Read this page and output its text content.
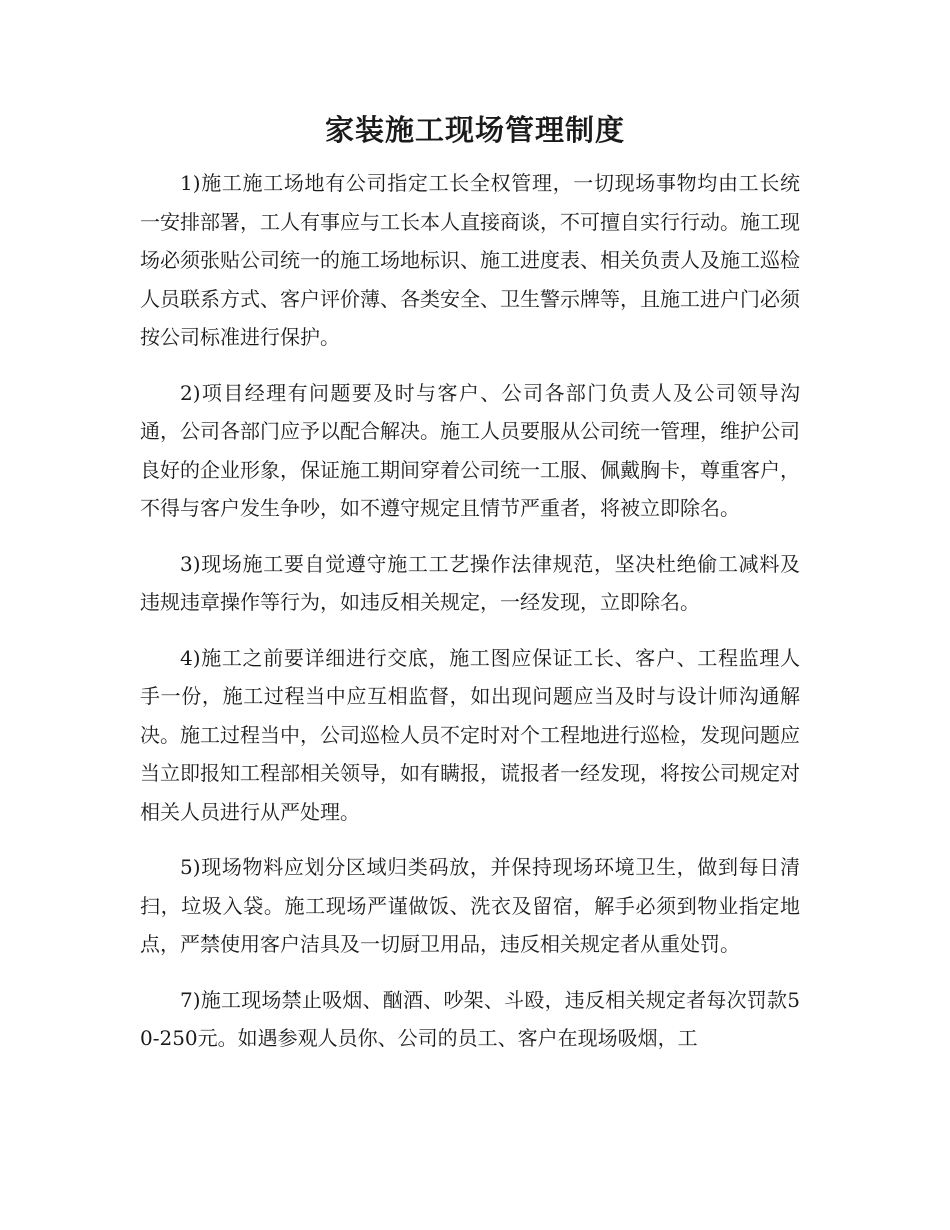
家装施工现场管理制度

1)施工施工场地有公司指定工长全权管理，一切现场事物均由工长统一安排部署，工人有事应与工长本人直接商谈，不可擅自实行行动。施工现场必须张贴公司统一的施工场地标识、施工进度表、相关负责人及施工巡检人员联系方式、客户评价薄、各类安全、卫生警示牌等，且施工进户门必须按公司标准进行保护。

2)项目经理有问题要及时与客户、公司各部门负责人及公司领导沟通，公司各部门应予以配合解决。施工人员要服从公司统一管理，维护公司良好的企业形象，保证施工期间穿着公司统一工服、佩戴胸卡，尊重客户，不得与客户发生争吵，如不遵守规定且情节严重者，将被立即除名。

3)现场施工要自觉遵守施工工艺操作法律规范，坚决杜绝偷工减料及违规违章操作等行为，如违反相关规定，一经发现，立即除名。

4)施工之前要详细进行交底，施工图应保证工长、客户、工程监理人手一份，施工过程当中应互相监督，如出现问题应当及时与设计师沟通解决。施工过程当中，公司巡检人员不定时对个工程地进行巡检，发现问题应当立即报知工程部相关领导，如有瞒报，谎报者一经发现，将按公司规定对相关人员进行从严处理。

5)现场物料应划分区域归类码放，并保持现场环境卫生，做到每日清扫，垃圾入袋。施工现场严谨做饭、洗衣及留宿，解手必须到物业指定地点，严禁使用客户洁具及一切厨卫用品，违反相关规定者从重处罚。

7)施工现场禁止吸烟、酗酒、吵架、斗殴，违反相关规定者每次罚款50-250元。如遇参观人员你、公司的员工、客户在现场吸烟，工
